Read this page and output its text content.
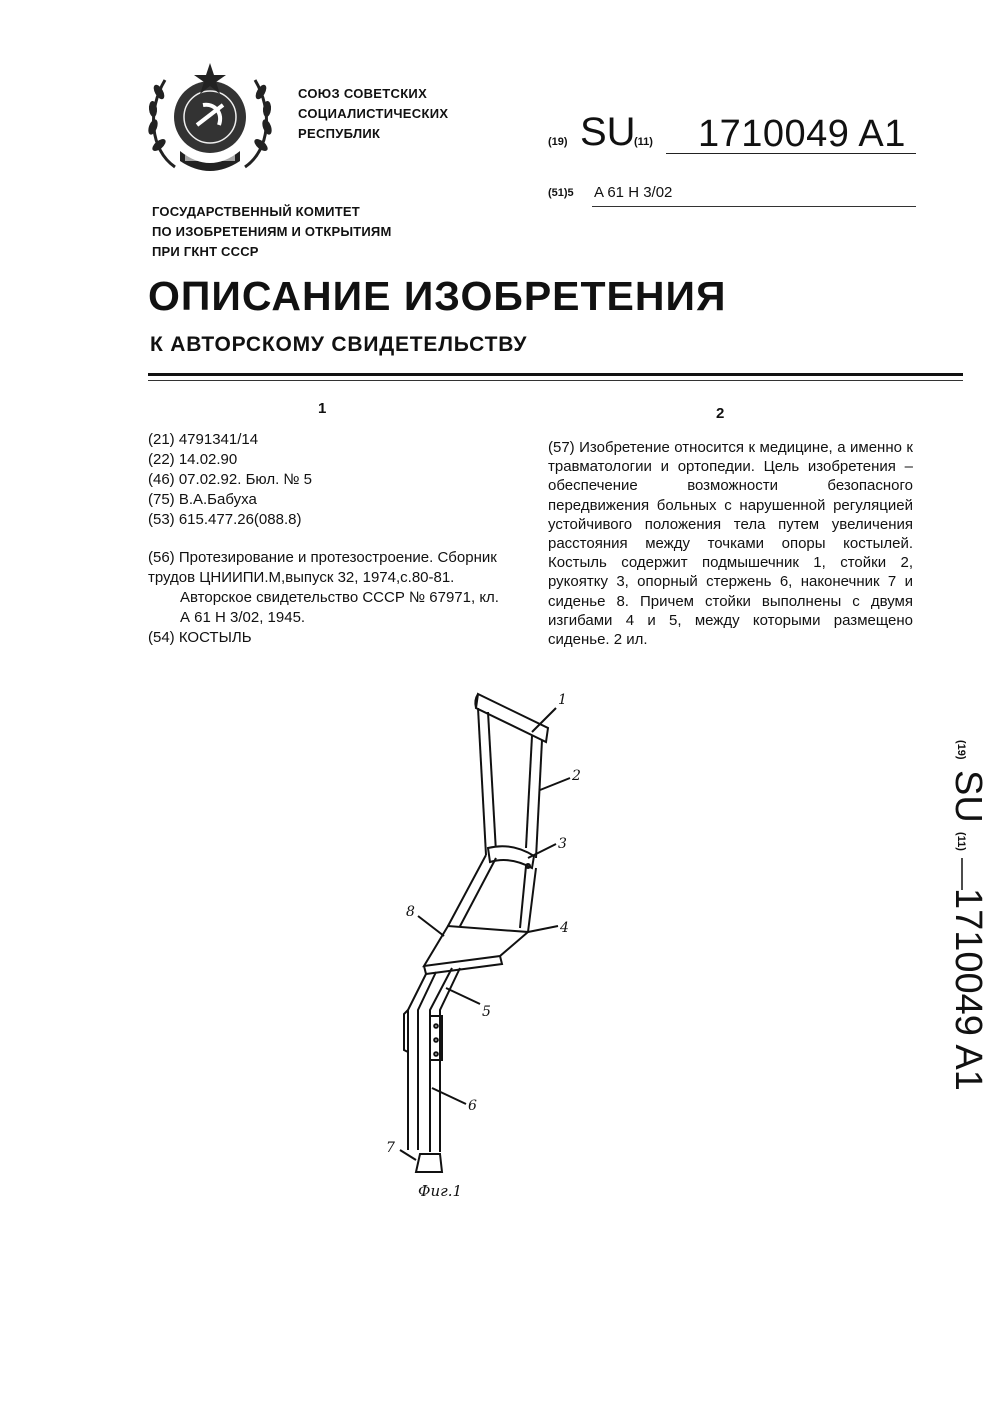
СОЮЗ СОВЕТСКИХ
СОЦИАЛИСТИЧЕСКИХ
РЕСПУБЛИК
(19) SU
(11) 1710049 A1
(51)5 A 61 H 3/02
ГОСУДАРСТВЕННЫЙ КОМИТЕТ
ПО ИЗОБРЕТЕНИЯМ И ОТКРЫТИЯМ
ПРИ ГКНТ СССР
ОПИСАНИЕ ИЗОБРЕТЕНИЯ
К АВТОРСКОМУ СВИДЕТЕЛЬСТВУ
1	2
(21) 4791341/14
(22) 14.02.90
(46) 07.02.92. Бюл. № 5
(75) В.А.Бабуха
(53) 615.477.26(088.8)

(56) Протезирование и протезостроение. Сборник трудов ЦНИИПИ.М,выпуск 32, 1974,с.80-81.

Авторское свидетельство СССР № 67971, кл. А 61 Н 3/02, 1945.

(54) КОСТЫЛЬ

(57) Изобретение относится к медицине, а именно к травматологии и ортопедии. Цель изобретения – обеспечение возможности безопасного передвижения больных с нарушенной регуляцией устойчивого положения тела путем увеличения расстояния между точками опоры костылей. Костыль содержит подмышечник 1, стойки 2, рукоятку 3, опорный стержень 6, наконечник 7 и сиденье 8. Причем стойки выполнены с двумя изгибами 4 и 5, между которыми размещено сиденье. 2 ил.

1
2
3
4
5
6
7
8
Фиг.1
(19)
SU
(11)
1710049 A1
